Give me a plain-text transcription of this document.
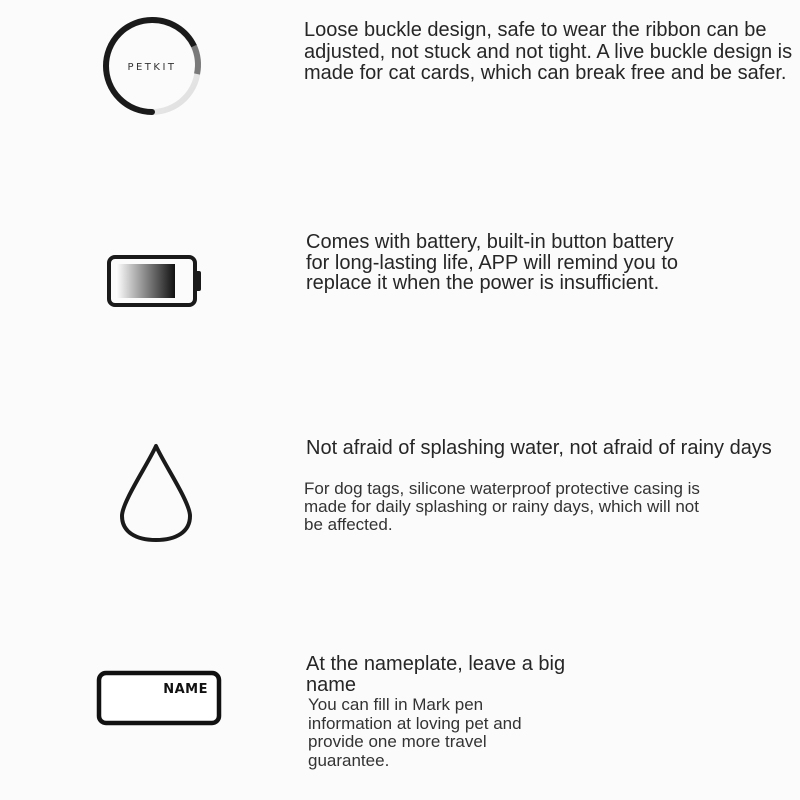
PETKIT

Loose buckle design, safe to wear the ribbon can be adjusted, not stuck and not tight. A live buckle design is made for cat cards, which can break free and be safer.

Comes with battery, built-in button battery for long-lasting life, APP will remind you to replace it when the power is insufficient.

Not afraid of splashing water, not afraid of rainy days

For dog tags, silicone waterproof protective casing is made for daily splashing or rainy days, which will not be affected.

NAME

At the nameplate, leave a big name

You can fill in Mark pen information at loving pet and provide one more travel guarantee.
